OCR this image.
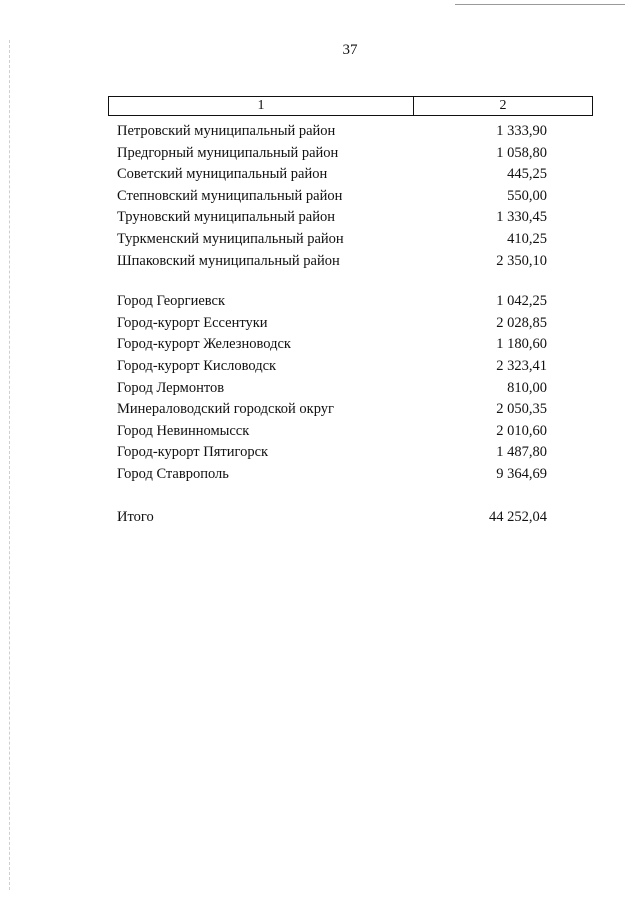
37
1	2
Петровский муниципальный район	1 333,90
Предгорный муниципальный район	1 058,80
Советский муниципальный район	445,25
Степновский муниципальный район	550,00
Труновский муниципальный район	1 330,45
Туркменский муниципальный район	410,25
Шпаковский муниципальный район	2 350,10
Город Георгиевск	1 042,25
Город-курорт Ессентуки	2 028,85
Город-курорт Железноводск	1 180,60
Город-курорт Кисловодск	2 323,41
Город Лермонтов	810,00
Минераловодский городской округ	2 050,35
Город Невинномысск	2 010,60
Город-курорт Пятигорск	1 487,80
Город Ставрополь	9 364,69
Итого	44 252,04
